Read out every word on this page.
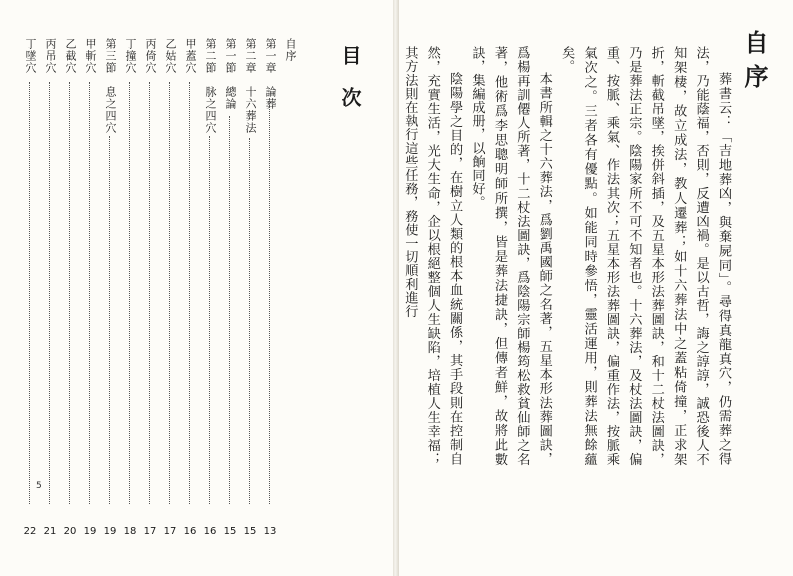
目次
自序
第一章　論葬
13
第二章　十六葬法
15
第一節　總論
15
第二節　脉之四穴
16
甲蓋穴
16
乙姑穴
17
丙倚穴
17
丁撞穴
18
第三節　息之四穴
19
甲斬穴
19
乙截穴
20
丙吊穴
21
丁墜穴
22
5
自序

葬書云：「吉地葬凶，與棄屍同」。尋得真龍真穴，仍需葬之得法，乃能蔭福，否則，反遭凶禍。是以古哲，誨之諄諄，誠恐後人不知架棲，故立成法，教人遷葬；如十六葬法中之蓋粘倚撞，正求架折，斬截吊墜，挨併斜插，及五星本形法葬圖訣，和十二杖法圖訣，乃是葬法正宗。陰陽家所不可不知者也。十六葬法，及杖法圖訣，偏重、按脈、乘氣、作法其次；五星本形法葬圖訣，偏重作法，按脈乘氣次之。三者各有優點。如能同時參悟，靈活運用，則葬法無餘蘊矣。

本書所輯之十六葬法，爲劉禹國師之名著，五星本形法葬圖訣，爲楊再訓僊人所著，十二杖法圖訣，爲陰陽宗師楊筠松救貧仙師之名著，他術爲李思聰明師所撰，皆是葬法捷訣，但傳者鮮，故將此數訣，集編成册，以餉同好。

陰陽學之目的，在樹立人類的根本血統關係，其手段則在控制自然，充實生活，光大生命，企以根絕整個人生缺陷，培植人生幸福；其方法則在執行這些任務，務使一切順利進行
